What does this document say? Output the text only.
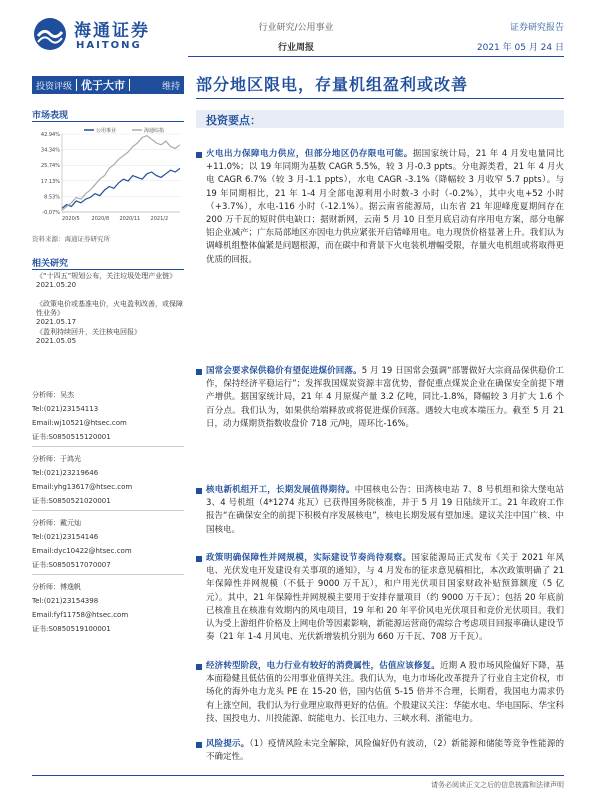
海通证券
HAITONG
行业研究/公用事业
行业周报
证券研究报告
2021 年 05 月 24 日
投资评级 优于大市	维持 部分地区限电，存量机组盈利或改善
市场表现
公用事业	海通综指
42.94%
34.34%
25.74%
17.13%
8.53%
-0.07%
2020/5 2020/8 2020/11 2021/2
资料来源：海通证券研究所
相关研究
《“十四五”规划公布，关注垃圾处理产业链》
2021.05.20
《政策电价或基准电价，火电盈利改善，或保障性业务》
2021.05.17
《盈利持续回升，关注核电回报》
2021.05.05
分析师：吴杰
Tel:(021)23154113
Email:wj10521@htsec.com
证书:S0850515120001
分析师：于鸿光
Tel:(021)23219646
Email:yhg13617@htsec.com
证书:S0850521020001
分析师：戴元灿
Tel:(021)23154146
Email:dyc10422@htsec.com
证书:S0850517070007
分析师：傅逸帆
Tel:(021)23154398
Email:fyf11758@htsec.com
证书:S0850519100001
投资要点：
火电出力保障电力供应，但部分地区仍存限电可能。据国家统计局，21 年 4 月发电量同比+11.0%；以 19 年同期为基数 CAGR 5.5%，较 3 月-0.3 ppts。分电源类看，21 年 4 月火电 CAGR 6.7%（较 3 月-1.1 ppts），水电 CAGR -3.1%（降幅较 3 月收窄 5.7 ppts）。与 19 年同期相比，21 年 1-4 月全部电源利用小时数-3 小时（-0.2%），其中火电+52 小时（+3.7%），水电-116 小时（-12.1%）。据云南省能源局，山东省 21 年迎峰度夏期间存在 200 万千瓦的短时供电缺口；据财新网，云南 5 月 10 日至月底启动有序用电方案，部分电解铝企业减产；广东局部地区亦因电力供应紧张开启错峰用电。电力现货价格显著上升。我们认为调峰机组整体偏紧是问题根源，而在碳中和背景下火电装机增幅受限，存量火电机组或将取得更优质的回报。
国常会要求保供稳价有望促进煤价回落。5 月 19 日国常会强调“部署做好大宗商品保供稳价工作，保持经济平稳运行”；发挥我国煤炭资源丰富优势，督促重点煤炭企业在确保安全前提下增产增供。据国家统计局，21 年 4 月原煤产量 3.2 亿吨，同比-1.8%，降幅较 3 月扩大 1.6 个百分点。我们认为，如果供给端释放或将促进煤价回落。遇较大电或本端压力。截至 5 月 21 日，动力煤期货指数收盘价 718 元/吨，周环比-16%。
核电新机组开工，长期发展值得期待。中国核电公告：田湾核电站 7、8 号机组和徐大堡电站 3、4 号机组（4*1274 兆瓦）已获得国务院核准，并于 5 月 19 日陆续开工。21 年政府工作报告“在确保安全的前提下积极有序发展核电”，核电长期发展有望加速。建议关注中国广核、中国核电。
政策明确保障性并网规模，实际建设节奏尚待观察。国家能源局正式发布《关于 2021 年风电、光伏发电开发建设有关事项的通知》，与 4 月发布的征求意见稿相比，本次政策明确了 21 年保障性并网规模（不低于 9000 万千瓦），和户用光伏项目国家财政补贴预算额度（5 亿元）。其中，21 年保障性并网规模主要用于安排存量项目（约 9000 万千瓦）；包括 20 年底前已核准且在核准有效期内的风电项目，19 年和 20 年平价风电光伏项目和竞价光伏项目。我们认为受上游组件价格及上网电价等因素影响，新能源运营商仍需综合考虑项目回报率确认建设节奏（21 年 1-4 月风电、光伏新增装机分别为 660 万千瓦、708 万千瓦）。
经济转型阶段，电力行业有较好的消费属性，估值应该修复。近期 A 股市场风险偏好下降，基本面稳健且低估值的公用事业值得关注。我们认为，电力市场化改革提升了行业自主定价权，市场化的海外电力龙头 PE 在 15-20 倍，国内估值 5-15 倍并不合理，长期看，我国电力需求仍有上涨空间，我们认为行业理应取得更好的估值。个股建议关注：华能水电、华电国际、华宝科技、国投电力、川投能源、皖能电力、长江电力、三峡水利、浙能电力。
风险提示。（1）疫情风险未完全解除，风险偏好仍有波动，（2）新能源和储能等竞争性能源的不确定性。
请务必阅读正文之后的信息披露和法律声明
